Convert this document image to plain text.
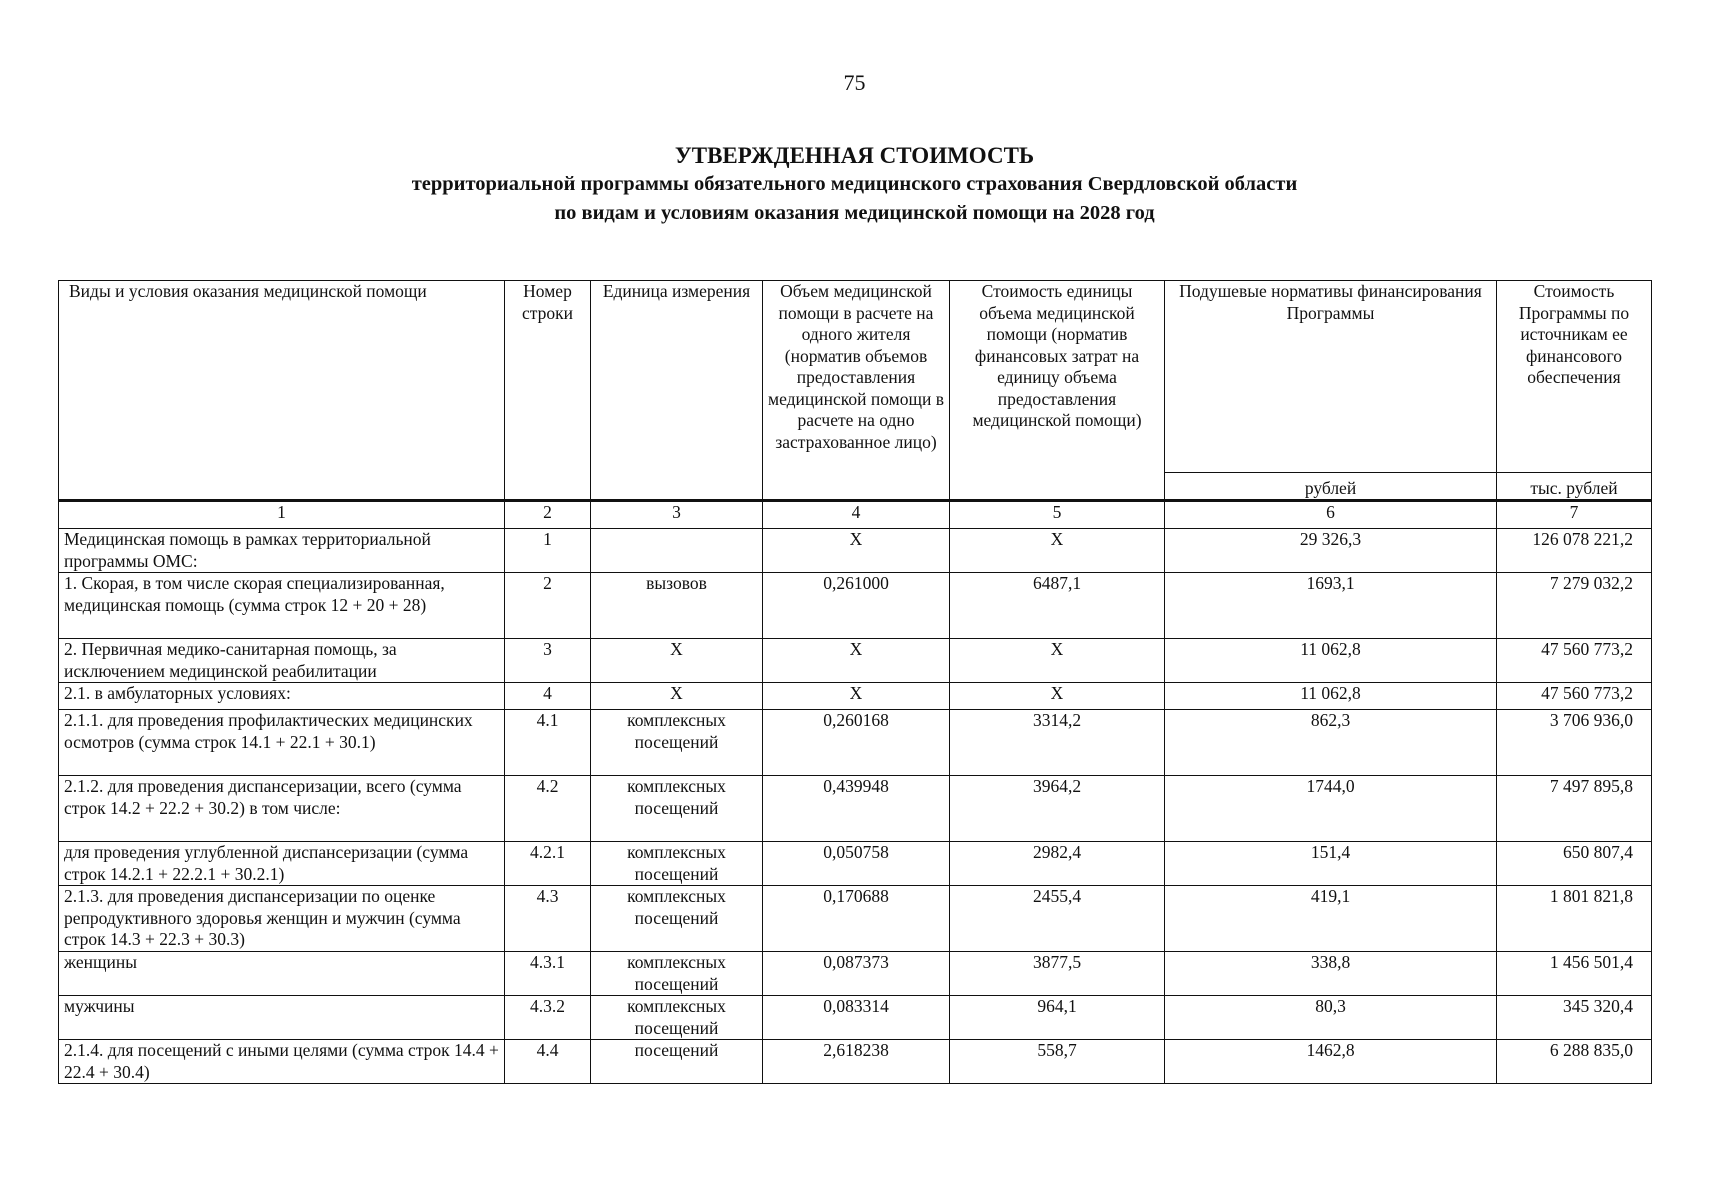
75
УТВЕРЖДЕННАЯ СТОИМОСТЬ
территориальной программы обязательного медицинского страхования Свердловской области
по видам и условиям оказания медицинской помощи на 2028 год
Виды и условия оказания медицинской помощи	Номер строки	Единица измерения	Объем медицинской помощи в расчете на одного жителя (норматив объемов предоставления медицинской помощи в расчете на одно застрахованное лицо)	Стоимость единицы объема медицинской помощи (норматив финансовых затрат на единицу объема предоставления медицинской помощи)	Подушевые нормативы финансирования Программы	Стоимость Программы по источникам ее финансового обеспечения
					рублей	тыс. рублей
1	2	3	4	5	6	7
Медицинская помощь в рамках территориальной программы ОМС:	1		X	X	29 326,3	126 078 221,2
1. Скорая, в том числе скорая специализированная, медицинская помощь (сумма строк 12 + 20 + 28)	2	вызовов	0,261000	6487,1	1693,1	7 279 032,2
2. Первичная медико-санитарная помощь, за исключением медицинской реабилитации	3	X	X	X	11 062,8	47 560 773,2
2.1. в амбулаторных условиях:	4	X	X	X	11 062,8	47 560 773,2
2.1.1. для проведения профилактических медицинских осмотров (сумма строк 14.1 + 22.1 + 30.1)	4.1	комплексных посещений	0,260168	3314,2	862,3	3 706 936,0
2.1.2. для проведения диспансеризации, всего (сумма строк 14.2 + 22.2 + 30.2) в том числе:	4.2	комплексных посещений	0,439948	3964,2	1744,0	7 497 895,8
для проведения углубленной диспансеризации (сумма строк 14.2.1 + 22.2.1 + 30.2.1)	4.2.1	комплексных посещений	0,050758	2982,4	151,4	650 807,4
2.1.3. для проведения диспансеризации по оценке репродуктивного здоровья женщин и мужчин (сумма строк 14.3 + 22.3 + 30.3)	4.3	комплексных посещений	0,170688	2455,4	419,1	1 801 821,8
женщины	4.3.1	комплексных посещений	0,087373	3877,5	338,8	1 456 501,4
мужчины	4.3.2	комплексных посещений	0,083314	964,1	80,3	345 320,4
2.1.4. для посещений с иными целями (сумма строк 14.4 + 22.4 + 30.4)	4.4	посещений	2,618238	558,7	1462,8	6 288 835,0
